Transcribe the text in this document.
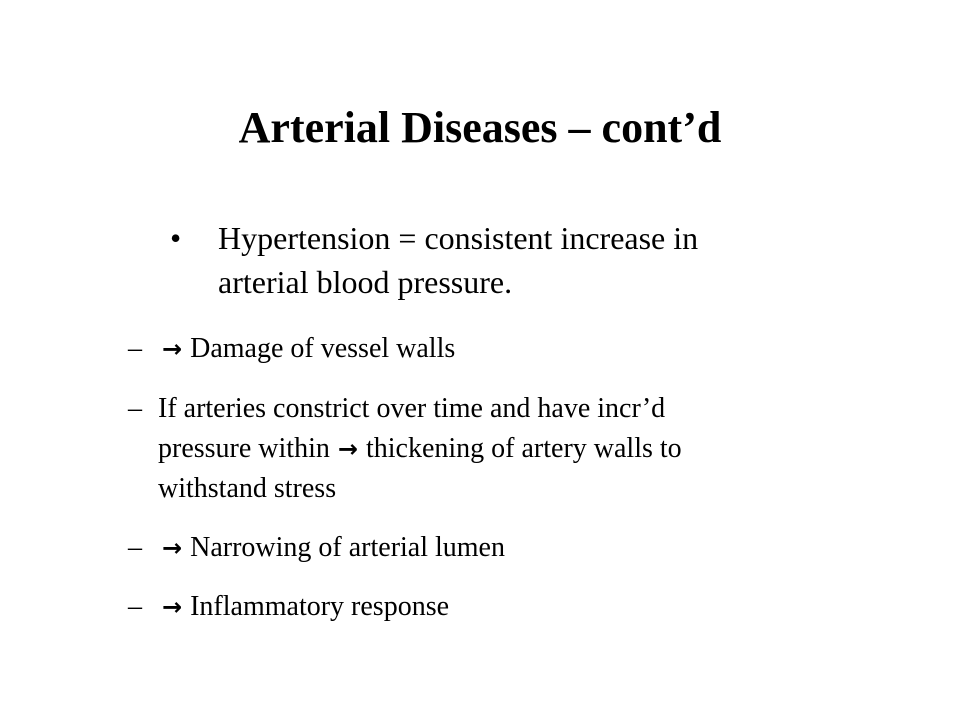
Arterial Diseases – cont’d
•	Hypertension = consistent increase in
arterial blood pressure.
– → Damage of vessel walls
– If arteries constrict over time and have incr’d
pressure within → thickening of artery walls to
withstand stress
– → Narrowing of arterial lumen
– → Inflammatory response
